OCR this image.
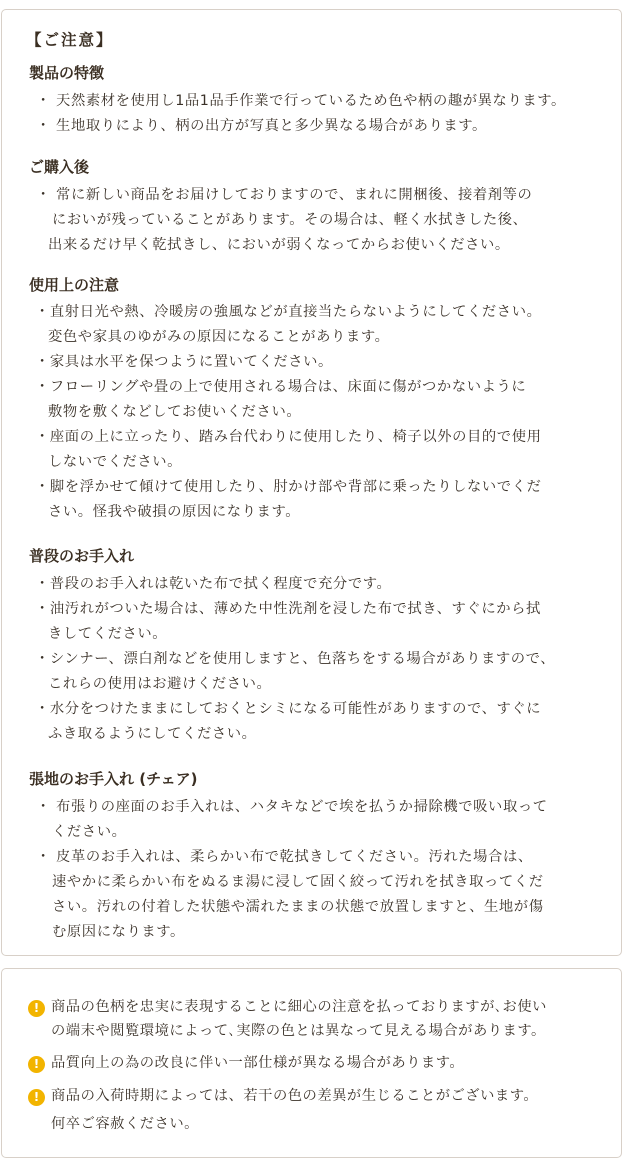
【ご注意】
製品の特徴
・ 天然素材を使用し1品1品手作業で行っているため色や柄の趣が異なります。
・ 生地取りにより、柄の出方が写真と多少異なる場合があります。
ご購入後
・ 常に新しい商品をお届けしておりますので、まれに開梱後、接着剤等の
においが残っていることがあります。その場合は、軽く水拭きした後、
出来るだけ早く乾拭きし、においが弱くなってからお使いください。
使用上の注意
・直射日光や熱、冷暖房の強風などが直接当たらないようにしてください。
変色や家具のゆがみの原因になることがあります。
・家具は水平を保つように置いてください。
・フローリングや畳の上で使用される場合は、床面に傷がつかないように
敷物を敷くなどしてお使いください。
・座面の上に立ったり、踏み台代わりに使用したり、椅子以外の目的で使用
しないでください。
・脚を浮かせて傾けて使用したり、肘かけ部や背部に乗ったりしないでくだ
さい。怪我や破損の原因になります。
普段のお手入れ
・普段のお手入れは乾いた布で拭く程度で充分です。
・油汚れがついた場合は、薄めた中性洗剤を浸した布で拭き、すぐにから拭
きしてください。
・シンナー、漂白剤などを使用しますと、色落ちをする場合がありますので、
これらの使用はお避けください。
・水分をつけたままにしておくとシミになる可能性がありますので、すぐに
ふき取るようにしてください。
張地のお手入れ (チェア)
・ 布張りの座面のお手入れは、ハタキなどで埃を払うか掃除機で吸い取って
ください。
・ 皮革のお手入れは、柔らかい布で乾拭きしてください。汚れた場合は、
速やかに柔らかい布をぬるま湯に浸して固く絞って汚れを拭き取ってくだ
さい。汚れの付着した状態や濡れたままの状態で放置しますと、生地が傷
む原因になります。
! 商品の色柄を忠実に表現することに細心の注意を払っておりますが､お使い
の端末や閲覧環境によって､実際の色とは異なって見える場合があります。
! 品質向上の為の改良に伴い一部仕様が異なる場合があります。
! 商品の入荷時期によっては、若干の色の差異が生じることがございます。
何卒ご容赦ください。
